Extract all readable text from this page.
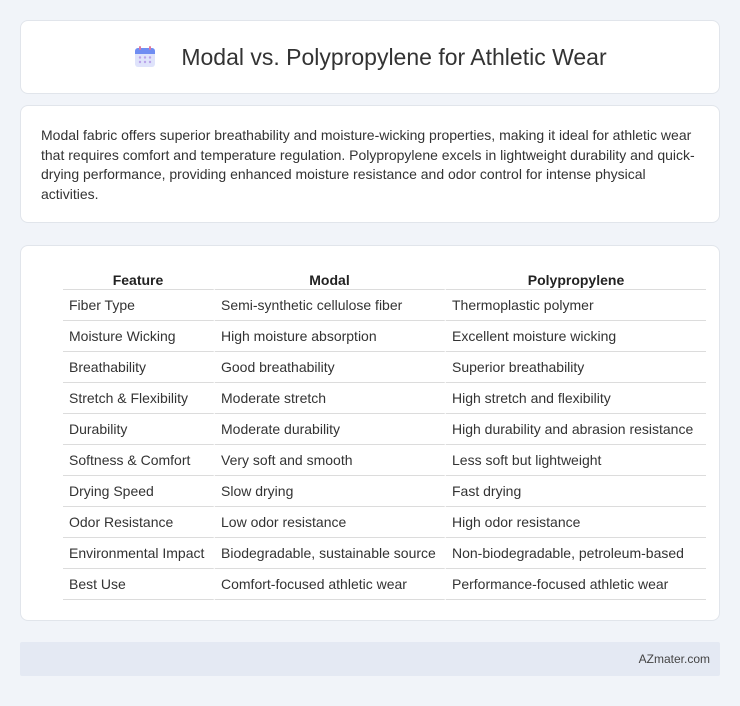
Modal vs. Polypropylene for Athletic Wear

Modal fabric offers superior breathability and moisture-wicking properties, making it ideal for athletic wear that requires comfort and temperature regulation. Polypropylene excels in lightweight durability and quick-drying performance, providing enhanced moisture resistance and odor control for intense physical activities.

Feature	Modal	Polypropylene
Fiber Type	Semi-synthetic cellulose fiber	Thermoplastic polymer
Moisture Wicking	High moisture absorption	Excellent moisture wicking
Breathability	Good breathability	Superior breathability
Stretch & Flexibility	Moderate stretch	High stretch and flexibility
Durability	Moderate durability	High durability and abrasion resistance
Softness & Comfort	Very soft and smooth	Less soft but lightweight
Drying Speed	Slow drying	Fast drying
Odor Resistance	Low odor resistance	High odor resistance
Environmental Impact	Biodegradable, sustainable source	Non-biodegradable, petroleum-based
Best Use	Comfort-focused athletic wear	Performance-focused athletic wear
AZmater.com
